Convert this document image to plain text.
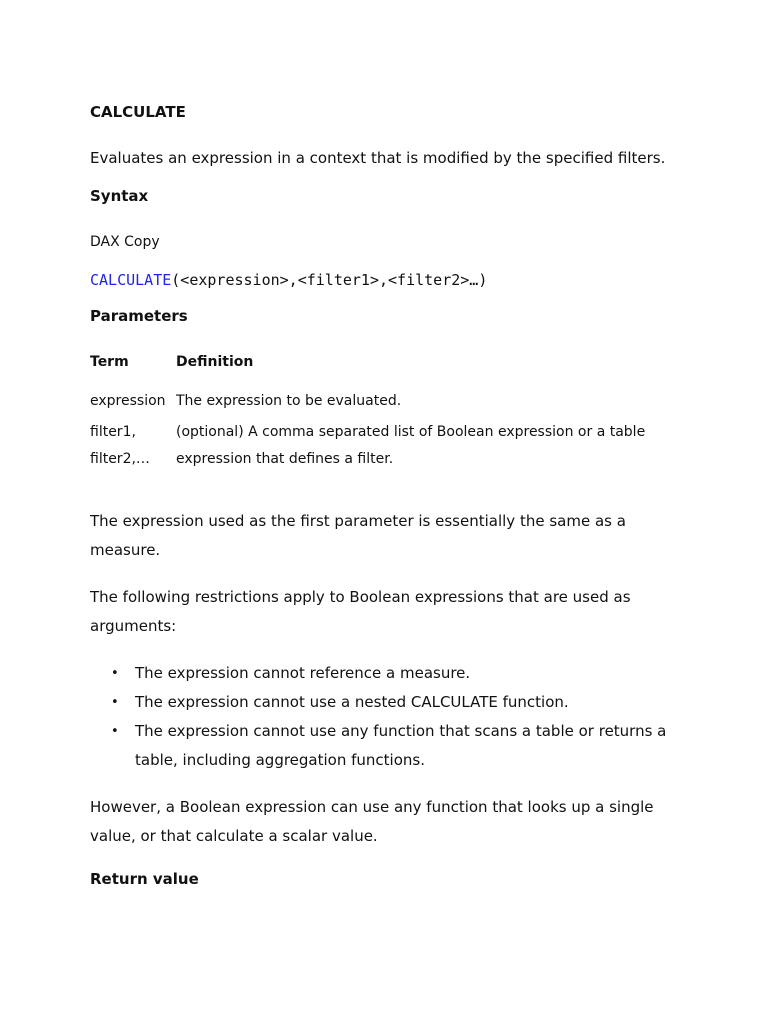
CALCULATE

Evaluates an expression in a context that is modified by the specified filters.

Syntax

DAX Copy

CALCULATE(<expression>,<filter1>,<filter2>…)

Parameters

Term	Definition
expression	The expression to be evaluated.
filter1, filter2,…	(optional) A comma separated list of Boolean expression or a table expression that defines a filter.

The expression used as the first parameter is essentially the same as a measure.

The following restrictions apply to Boolean expressions that are used as arguments:

• The expression cannot reference a measure.
• The expression cannot use a nested CALCULATE function.
• The expression cannot use any function that scans a table or returns a table, including aggregation functions.

However, a Boolean expression can use any function that looks up a single value, or that calculate a scalar value.

Return value
